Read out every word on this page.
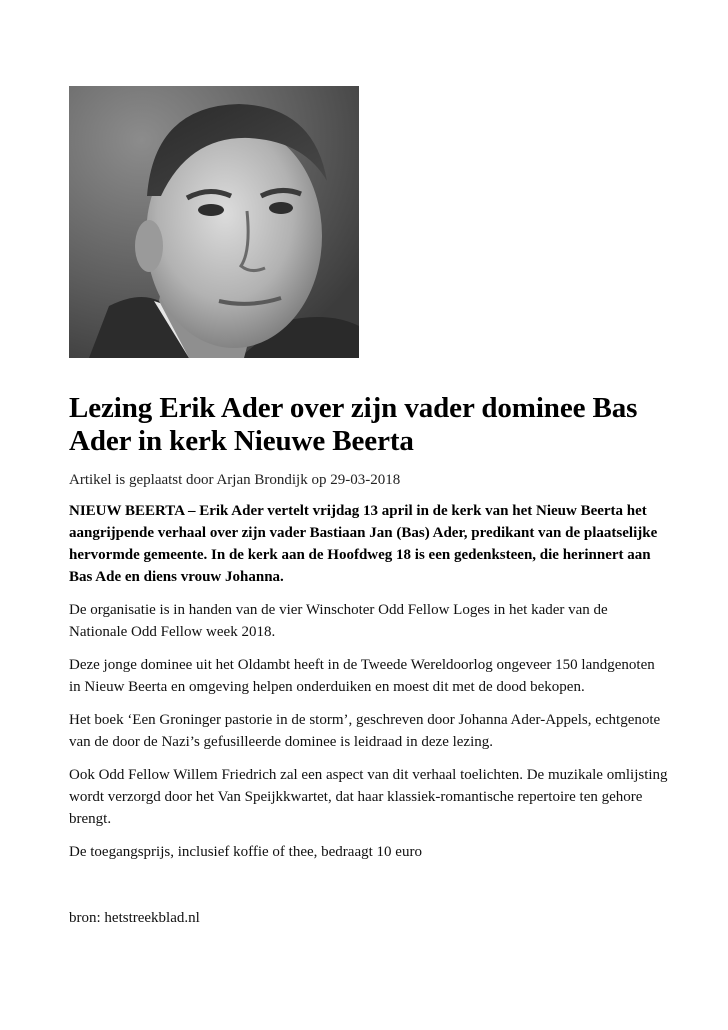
Lezing Erik Ader over zijn vader dominee Bas Ader in kerk Nieuwe Beerta

Artikel is geplaatst door Arjan Brondijk op 29-03-2018

NIEUW BEERTA – Erik Ader vertelt vrijdag 13 april in de kerk van het Nieuw Beerta het aangrijpende verhaal over zijn vader Bastiaan Jan (Bas) Ader, predikant van de plaatselijke hervormde gemeente. In de kerk aan de Hoofdweg 18 is een gedenksteen, die herinnert aan Bas Ade en diens vrouw Johanna.

De organisatie is in handen van de vier Winschoter Odd Fellow Loges in het kader van de Nationale Odd Fellow week 2018.

Deze jonge dominee uit het Oldambt heeft in de Tweede Wereldoorlog ongeveer 150 landgenoten in Nieuw Beerta en omgeving helpen onderduiken en moest dit met de dood bekopen.

Het boek ‘Een Groninger pastorie in de storm’, geschreven door Johanna Ader-Appels, echtgenote van de door de Nazi’s gefusilleerde dominee is leidraad in deze lezing.

Ook Odd Fellow Willem Friedrich zal een aspect van dit verhaal toelichten. De muzikale omlijsting wordt verzorgd door het Van Speijkkwartet, dat haar klassiek-romantische repertoire ten gehore brengt.

De toegangsprijs, inclusief koffie of thee, bedraagt 10 euro

bron: hetstreekblad.nl
